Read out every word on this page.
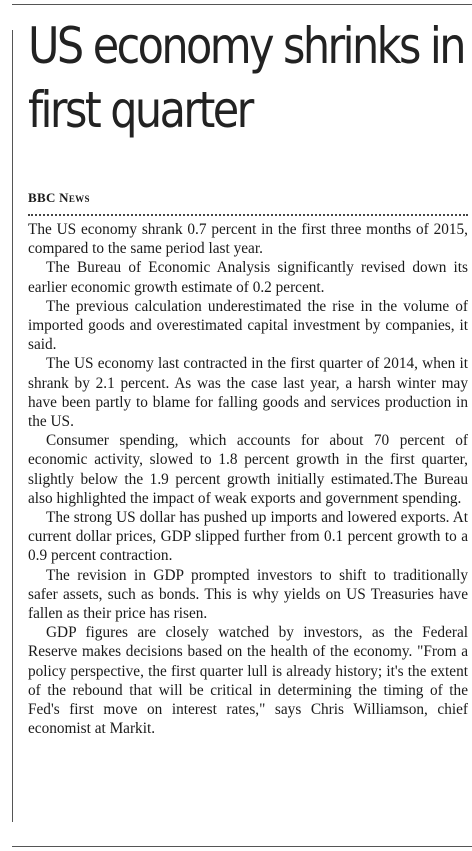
US economy shrinks in first quarter
BBC News

The US economy shrank 0.7 percent in the first three months of 2015, compared to the same period last year.

The Bureau of Economic Analysis significantly revised down its earlier economic growth estimate of 0.2 percent.

The previous calculation underestimated the rise in the volume of imported goods and overestimated capital investment by companies, it said.

The US economy last contracted in the first quarter of 2014, when it shrank by 2.1 percent. As was the case last year, a harsh winter may have been partly to blame for falling goods and services production in the US.

Consumer spending, which accounts for about 70 percent of economic activity, slowed to 1.8 percent growth in the first quarter, slightly below the 1.9 percent growth initially estimated.The Bureau also highlighted the impact of weak exports and government spending.

The strong US dollar has pushed up imports and lowered exports. At current dollar prices, GDP slipped further from 0.1 percent growth to a 0.9 percent contraction.

The revision in GDP prompted investors to shift to traditionally safer assets, such as bonds. This is why yields on US Treasuries have fallen as their price has risen.

GDP figures are closely watched by investors, as the Federal Reserve makes decisions based on the health of the economy. "From a policy perspective, the first quarter lull is already history; it's the extent of the rebound that will be critical in determining the timing of the Fed's first move on interest rates," says Chris Williamson, chief economist at Markit.
